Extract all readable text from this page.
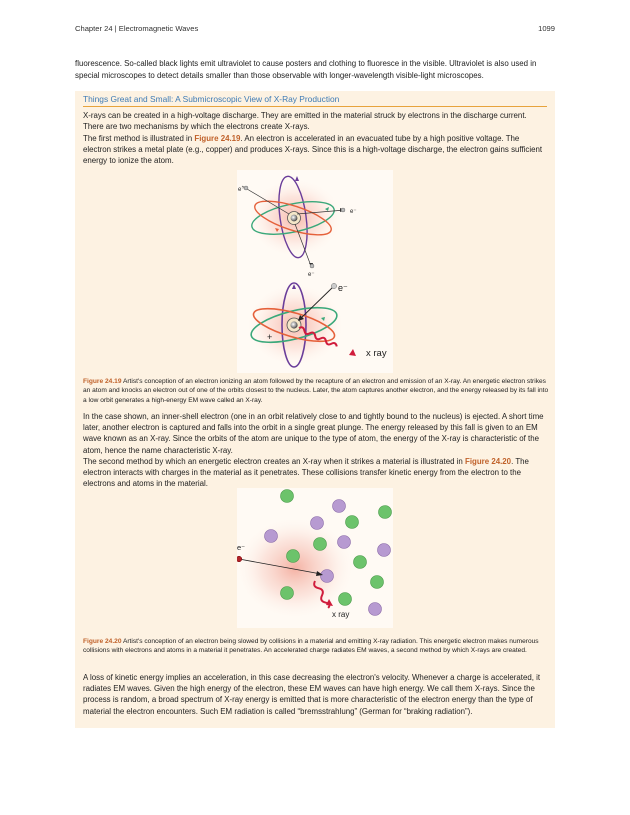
Chapter 24 | Electromagnetic Waves	1099

fluorescence. So-called black lights emit ultraviolet to cause posters and clothing to fluoresce in the visible. Ultraviolet is also used in special microscopes to detect details smaller than those observable with longer-wavelength visible-light microscopes.

Things Great and Small: A Submicroscopic View of X-Ray Production

X-rays can be created in a high-voltage discharge. They are emitted in the material struck by electrons in the discharge current. There are two mechanisms by which the electrons create X-rays.

The first method is illustrated in Figure 24.19. An electron is accelerated in an evacuated tube by a high positive voltage. The electron strikes a metal plate (e.g., copper) and produces X-rays. Since this is a high-voltage discharge, the electron gains sufficient energy to ionize the atom.

e⁻
e⁻
e⁻
e⁻
+
x ray

Figure 24.19 Artist's conception of an electron ionizing an atom followed by the recapture of an electron and emission of an X-ray. An energetic electron strikes an atom and knocks an electron out of one of the orbits closest to the nucleus. Later, the atom captures another electron, and the energy released by its fall into a low orbit generates a high-energy EM wave called an X-ray.

In the case shown, an inner-shell electron (one in an orbit relatively close to and tightly bound to the nucleus) is ejected. A short time later, another electron is captured and falls into the orbit in a single great plunge. The energy released by this fall is given to an EM wave known as an X-ray. Since the orbits of the atom are unique to the type of atom, the energy of the X-ray is characteristic of the atom, hence the name characteristic X-ray.

The second method by which an energetic electron creates an X-ray when it strikes a material is illustrated in Figure 24.20. The electron interacts with charges in the material as it penetrates. These collisions transfer kinetic energy from the electron to the electrons and atoms in the material.

e⁻
x ray

Figure 24.20 Artist's conception of an electron being slowed by collisions in a material and emitting X-ray radiation. This energetic electron makes numerous collisions with electrons and atoms in a material it penetrates. An accelerated charge radiates EM waves, a second method by which X-rays are created.

A loss of kinetic energy implies an acceleration, in this case decreasing the electron's velocity. Whenever a charge is accelerated, it radiates EM waves. Given the high energy of the electron, these EM waves can have high energy. We call them X-rays. Since the process is random, a broad spectrum of X-ray energy is emitted that is more characteristic of the electron energy than the type of material the electron encounters. Such EM radiation is called “bremsstrahlung” (German for “braking radiation”).
